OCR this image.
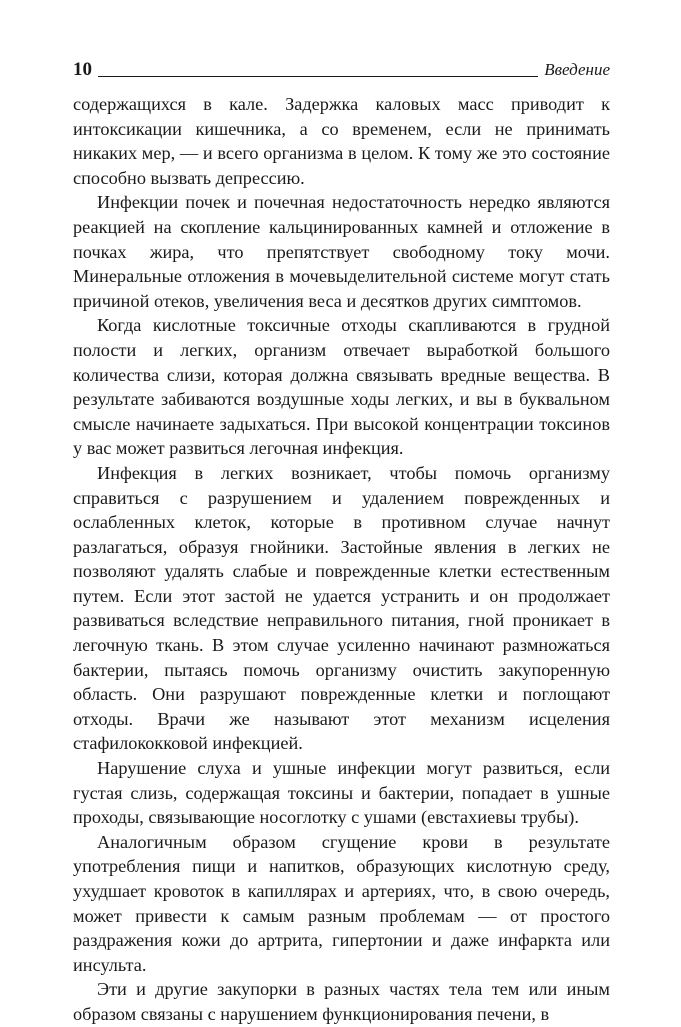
10	Введение

содержащихся в кале. Задержка каловых масс приводит к интоксикации кишечника, а со временем, если не принимать никаких мер, — и всего организма в целом. К тому же это состояние способно вызвать депрессию.

Инфекции почек и почечная недостаточность нередко являются реакцией на скопление кальцинированных камней и отложение в почках жира, что препятствует свободному току мочи. Минеральные отложения в мочевыделительной системе могут стать причиной отеков, увеличения веса и десятков других симптомов.

Когда кислотные токсичные отходы скапливаются в грудной полости и легких, организм отвечает выработкой большого количества слизи, которая должна связывать вредные вещества. В результате забиваются воздушные ходы легких, и вы в буквальном смысле начинаете задыхаться. При высокой концентрации токсинов у вас может развиться легочная инфекция.

Инфекция в легких возникает, чтобы помочь организму справиться с разрушением и удалением поврежденных и ослабленных клеток, которые в противном случае начнут разлагаться, образуя гнойники. Застойные явления в легких не позволяют удалять слабые и поврежденные клетки естественным путем. Если этот застой не удается устранить и он продолжает развиваться вследствие неправильного питания, гной проникает в легочную ткань. В этом случае усиленно начинают размножаться бактерии, пытаясь помочь организму очистить закупоренную область. Они разрушают поврежденные клетки и поглощают отходы. Врачи же называют этот механизм исцеления стафилококковой инфекцией.

Нарушение слуха и ушные инфекции могут развиться, если густая слизь, содержащая токсины и бактерии, попадает в ушные проходы, связывающие носоглотку с ушами (евстахиевы трубы).

Аналогичным образом сгущение крови в результате употребления пищи и напитков, образующих кислотную среду, ухудшает кровоток в капиллярах и артериях, что, в свою очередь, может привести к самым разным проблемам — от простого раздражения кожи до артрита, гипертонии и даже инфаркта или инсульта.

Эти и другие закупорки в разных частях тела тем или иным образом связаны с нарушением функционирования печени, в
